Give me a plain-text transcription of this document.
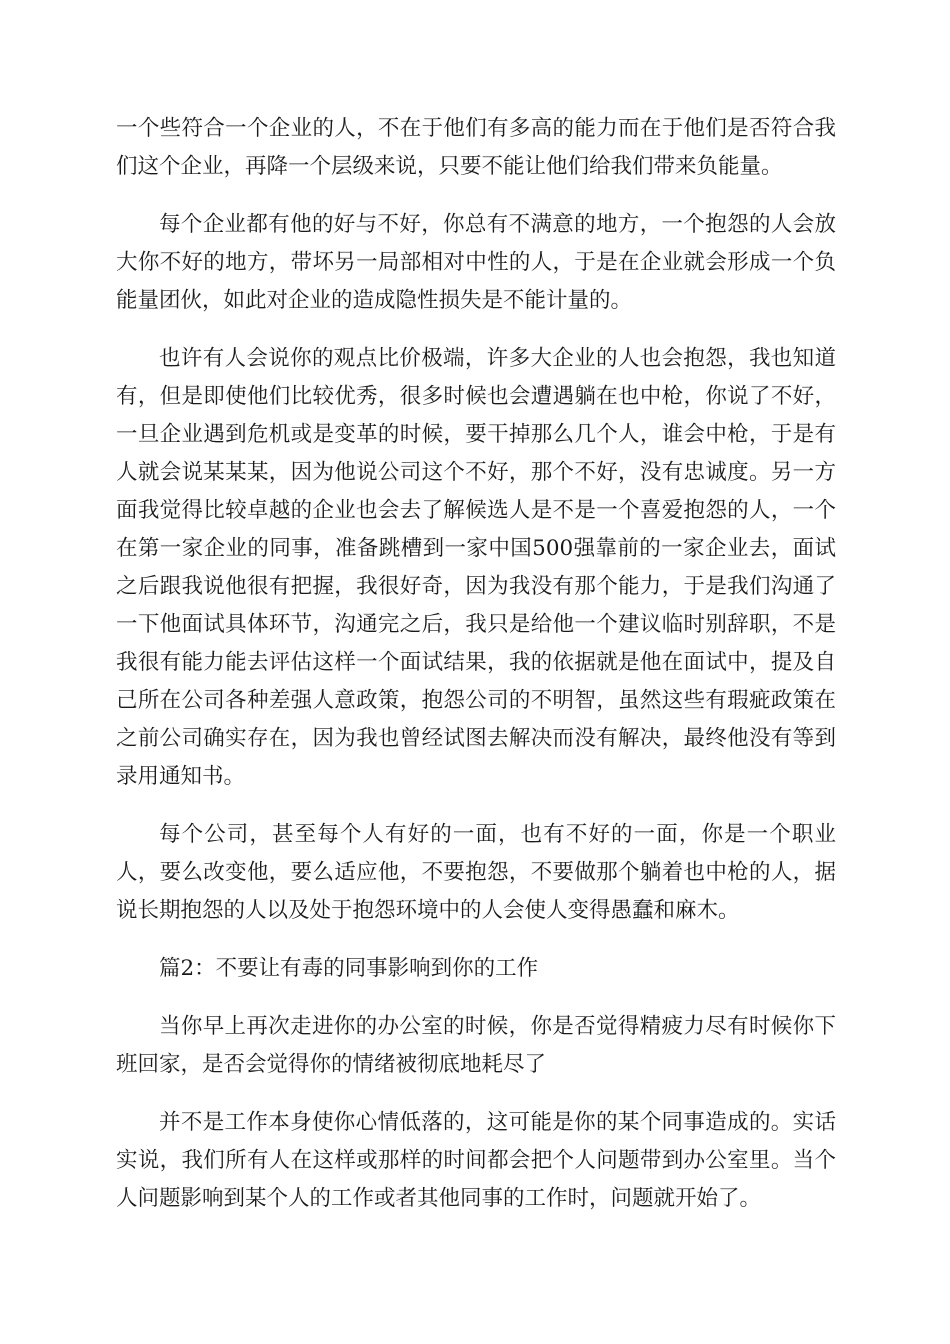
一个些符合一个企业的人，不在于他们有多高的能力而在于他们是否符合我们这个企业，再降一个层级来说，只要不能让他们给我们带来负能量。

每个企业都有他的好与不好，你总有不满意的地方，一个抱怨的人会放大你不好的地方，带坏另一局部相对中性的人，于是在企业就会形成一个负能量团伙，如此对企业的造成隐性损失是不能计量的。

也许有人会说你的观点比价极端，许多大企业的人也会抱怨，我也知道有，但是即使他们比较优秀，很多时候也会遭遇躺在也中枪，你说了不好，一旦企业遇到危机或是变革的时候，要干掉那么几个人，谁会中枪，于是有人就会说某某某，因为他说公司这个不好，那个不好，没有忠诚度。另一方面我觉得比较卓越的企业也会去了解候选人是不是一个喜爱抱怨的人，一个在第一家企业的同事，准备跳槽到一家中国500强靠前的一家企业去，面试之后跟我说他很有把握，我很好奇，因为我没有那个能力，于是我们沟通了一下他面试具体环节，沟通完之后，我只是给他一个建议临时别辞职，不是我很有能力能去评估这样一个面试结果，我的依据就是他在面试中，提及自己所在公司各种差强人意政策，抱怨公司的不明智，虽然这些有瑕疵政策在之前公司确实存在，因为我也曾经试图去解决而没有解决，最终他没有等到录用通知书。

每个公司，甚至每个人有好的一面，也有不好的一面，你是一个职业人，要么改变他，要么适应他，不要抱怨，不要做那个躺着也中枪的人，据说长期抱怨的人以及处于抱怨环境中的人会使人变得愚蠢和麻木。

篇2：不要让有毒的同事影响到你的工作

当你早上再次走进你的办公室的时候，你是否觉得精疲力尽有时候你下班回家，是否会觉得你的情绪被彻底地耗尽了

并不是工作本身使你心情低落的，这可能是你的某个同事造成的。实话实说，我们所有人在这样或那样的时间都会把个人问题带到办公室里。当个人问题影响到某个人的工作或者其他同事的工作时，问题就开始了。
